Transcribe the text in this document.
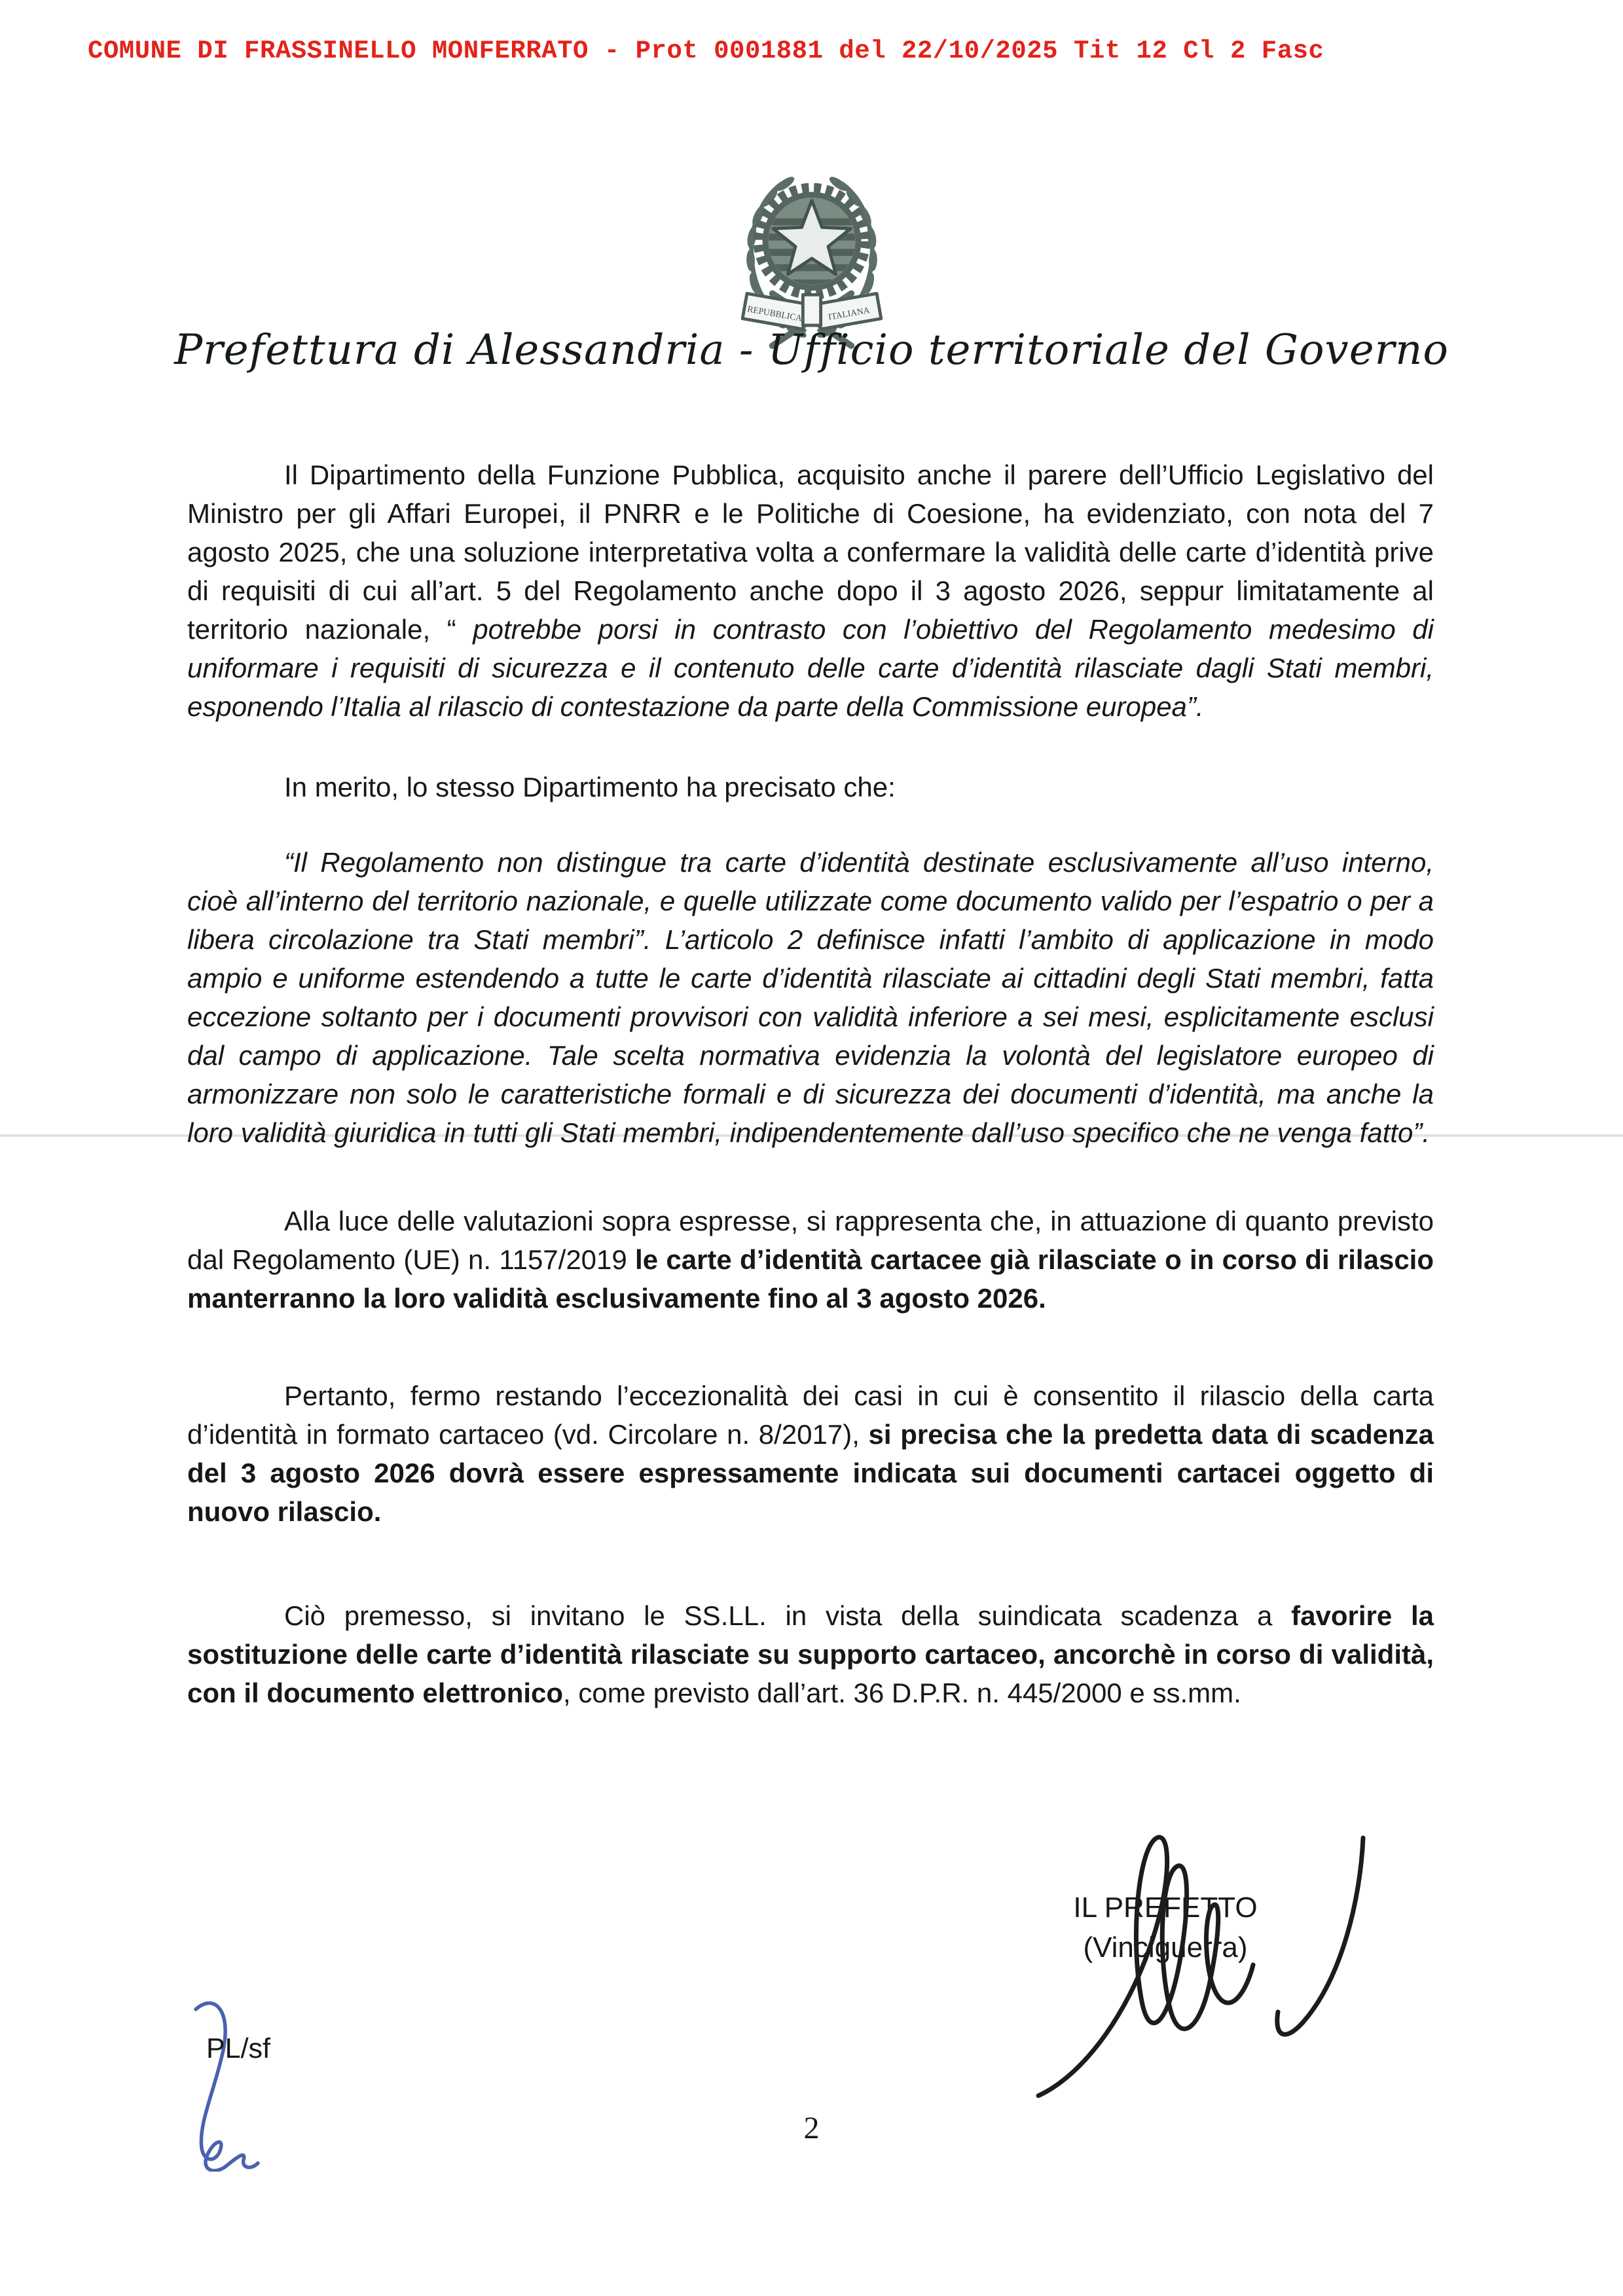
COMUNE DI FRASSINELLO MONFERRATO - Prot 0001881 del 22/10/2025 Tit 12 Cl 2 Fasc
REPUBBLICA	ITALIANA
Prefettura di Alessandria - Ufficio territoriale del Governo

Il Dipartimento della Funzione Pubblica, acquisito anche il parere dell’Ufficio Legislativo del Ministro per gli Affari Europei, il PNRR e le Politiche di Coesione, ha evidenziato, con nota del 7 agosto 2025, che una soluzione interpretativa volta a confermare la validità delle carte d’identità prive di requisiti di cui all’art. 5 del Regolamento anche dopo il 3 agosto 2026, seppur limitatamente al territorio nazionale, “ potrebbe porsi in contrasto con l’obiettivo del Regolamento medesimo di uniformare i requisiti di sicurezza e il contenuto delle carte d’identità rilasciate dagli Stati membri, esponendo l’Italia al rilascio di contestazione da parte della Commissione europea”.

In merito, lo stesso Dipartimento ha precisato che:

“Il Regolamento non distingue tra carte d’identità destinate esclusivamente all’uso interno, cioè all’interno del territorio nazionale, e quelle utilizzate come documento valido per l’espatrio o per a libera circolazione tra Stati membri”. L’articolo 2 definisce infatti l’ambito di applicazione in modo ampio e uniforme estendendo a tutte le carte d’identità rilasciate ai cittadini degli Stati membri, fatta eccezione soltanto per i documenti provvisori con validità inferiore a sei mesi, esplicitamente esclusi dal campo di applicazione. Tale scelta normativa evidenzia la volontà del legislatore europeo di armonizzare non solo le caratteristiche formali e di sicurezza dei documenti d’identità, ma anche la loro validità giuridica in tutti gli Stati membri, indipendentemente dall’uso specifico che ne venga fatto”.

Alla luce delle valutazioni sopra espresse, si rappresenta che, in attuazione di quanto previsto dal Regolamento (UE) n. 1157/2019 le carte d’identità cartacee già rilasciate o in corso di rilascio manterranno la loro validità esclusivamente fino al 3 agosto 2026.

Pertanto, fermo restando l’eccezionalità dei casi in cui è consentito il rilascio della carta d’identità in formato cartaceo (vd. Circolare n. 8/2017), si precisa che la predetta data di scadenza del 3 agosto 2026 dovrà essere espressamente indicata sui documenti cartacei oggetto di nuovo rilascio.

Ciò premesso, si invitano le SS.LL. in vista della suindicata scadenza a favorire la sostituzione delle carte d’identità rilasciate su supporto cartaceo, ancorchè in corso di validità, con il documento elettronico, come previsto dall’art. 36 D.P.R. n. 445/2000 e ss.mm.

IL PREFETTO
(Vinciguerra)
PL/sf
2
